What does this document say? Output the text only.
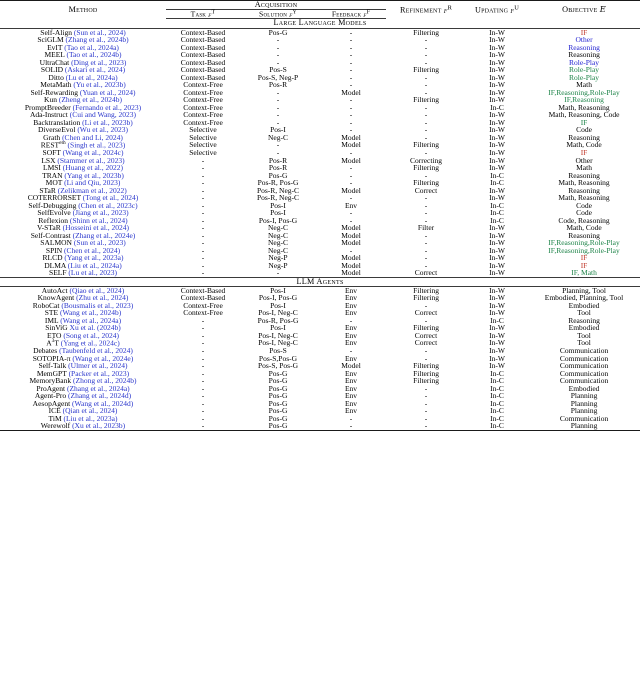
Method	Acquisition			Refinement $f^R$	Updating $f^U$	Objective E
	Task $f^T$	Solution $f^Y$	Feedback $f^F$
Large Language Models						
Self-Align (Sun et al., 2024)	Context-Based	Pos-G	-	Filtering	In-W	IF
SciGLM (Zhang et al., 2024b)	Context-Based	-	-	-	In-W	Other
EvIT (Tao et al., 2024a)	Context-Based	-	-	-	In-W	Reasoning
MEEL (Tao et al., 2024b)	Context-Based	-	-	-	In-W	Reasoning
UltraChat (Ding et al., 2023)	Context-Based	-	-	-	In-W	Role-Play
SOLID (Askari et al., 2024)	Context-Based	Pos-S	-	Filtering	In-W	Role-Play
Ditto (Lu et al., 2024a)	Context-Based	Pos-S, Neg-P	-	-	In-W	Role-Play
MetaMath (Yu et al., 2023b)	Context-Free	Pos-R	-	-	In-W	Math
Self-Rewarding (Yuan et al., 2024)	Context-Free	-	Model	-	In-W	IF,Reasoning,Role-Play
Kun (Zheng et al., 2024b)	Context-Free	-	-	Filtering	In-W	IF,Reasoning
PromptBreeder (Fernando et al., 2023)	Context-Free	-	-	-	In-C	Math, Reasoning
Ada-Instruct (Cui and Wang, 2023)	Context-Free	-	-	-	In-W	Math, Reasoning, Code
Backtranslation (Li et al., 2023b)	Context-Free	-	-	-	In-W	IF
DiverseEvol (Wu et al., 2023)	Selective	Pos-I	-	-	In-W	Code
Grath (Chen and Li, 2024)	Selective	Neg-C	Model	-	In-W	Reasoning
$REST^{em}$ (Singh et al., 2023)	Selective	-	Model	Filtering	In-W	Math, Code
SOFT (Wang et al., 2024c)	Selective	-	-	-	In-W	IF
LSX (Stammer et al., 2023)	-	Pos-R	Model	Correcting	In-W	Other
LMSI (Huang et al., 2022)	-	Pos-R	-	Filtering	In-W	Math
TRAN (Yang et al., 2023b)	-	Pos-G	-	-	In-C	Reasoning
MOT (Li and Qiu, 2023)	-	Pos-R, Pos-G	-	Filtering	In-C	Math, Reasoning
STaR (Zelikman et al., 2022)	-	Pos-R, Neg-C	Model	Correct	In-W	Reasoning
COTERRORSET (Tong et al., 2024)	-	Pos-R, Neg-C	-	-	In-W	Math, Reasoning
Self-Debugging (Chen et al., 2023c)	-	Pos-I	Env	-	In-C	Code
SelfEvolve (Jiang et al., 2023)	-	Pos-I	-	-	In-C	Code
Reflexion (Shinn et al., 2024)	-	Pos-I, Pos-G	-	-	In-C	Code, Reasoning
V-STaR (Hosseini et al., 2024)	-	Neg-C	Model	Filter	In-W	Math, Code
Self-Contrast (Zhang et al., 2024e)	-	Neg-C	Model	-	In-W	Reasoning
SALMON (Sun et al., 2023)	-	Neg-C	Model	-	In-W	IF,Reasoning,Role-Play
SPIN (Chen et al., 2024)	-	Neg-C	-	-	In-W	IF,Reasoning,Role-Play
RLCD (Yang et al., 2023a)	-	Neg-P	Model	-	In-W	IF
DLMA (Liu et al., 2024a)	-	Neg-P	Model	-	In-W	IF
SELF (Lu et al., 2023)	-	-	Model	Correct	In-W	IF, Math
LLM Agents						
AutoAct (Qiao et al., 2024)	Context-Based	Pos-I	Env	Filtering	In-W	Planning, Tool
KnowAgent (Zhu et al., 2024)	Context-Based	Pos-I, Pos-G	Env	Filtering	In-W	Embodied, Planning, Tool
RoboCat (Bousmalis et al., 2023)	Context-Free	Pos-I	Env	-	In-W	Embodied
STE (Wang et al., 2024b)	Context-Free	Pos-I, Neg-C	Env	Correct	In-W	Tool
IML (Wang et al., 2024a)	-	Pos-R, Pos-G	-	-	In-C	Reasoning
SinViG Xu et al. (2024b)	-	Pos-I	Env	Filtering	In-W	Embodied
ETO (Song et al., 2024)	-	Pos-I, Neg-C	Env	Correct	In-W	Tool
$A^3T$ (Yang et al., 2024c)	-	Pos-I, Neg-C	Env	Correct	In-W	Tool
Debates (Taubenfeld et al., 2024)	-	Pos-S	-	-	In-W	Communication
SOTOPIA-π (Wang et al., 2024e)	-	Pos-S,Pos-G	Env	-	In-W	Communication
Self-Talk (Ulmer et al., 2024)	-	Pos-S, Pos-G	Model	Filtering	In-W	Communication
MemGPT (Packer et al., 2023)	-	Pos-G	Env	Filtering	In-C	Communication
MemoryBank (Zhong et al., 2024b)	-	Pos-G	Env	Filtering	In-C	Communication
ProAgent (Zhang et al., 2024a)	-	Pos-G	Env	-	In-C	Embodied
Agent-Pro (Zhang et al., 2024d)	-	Pos-G	Env	-	In-C	Planning
AesopAgent (Wang et al., 2024d)	-	Pos-G	Env	-	In-C	Planning
ICE (Qian et al., 2024)	-	Pos-G	Env	-	In-C	Planning
TiM (Liu et al., 2023a)	-	Pos-G	-	-	In-C	Communication
Werewolf (Xu et al., 2023b)	-	Pos-G	-	-	In-C	Planning
